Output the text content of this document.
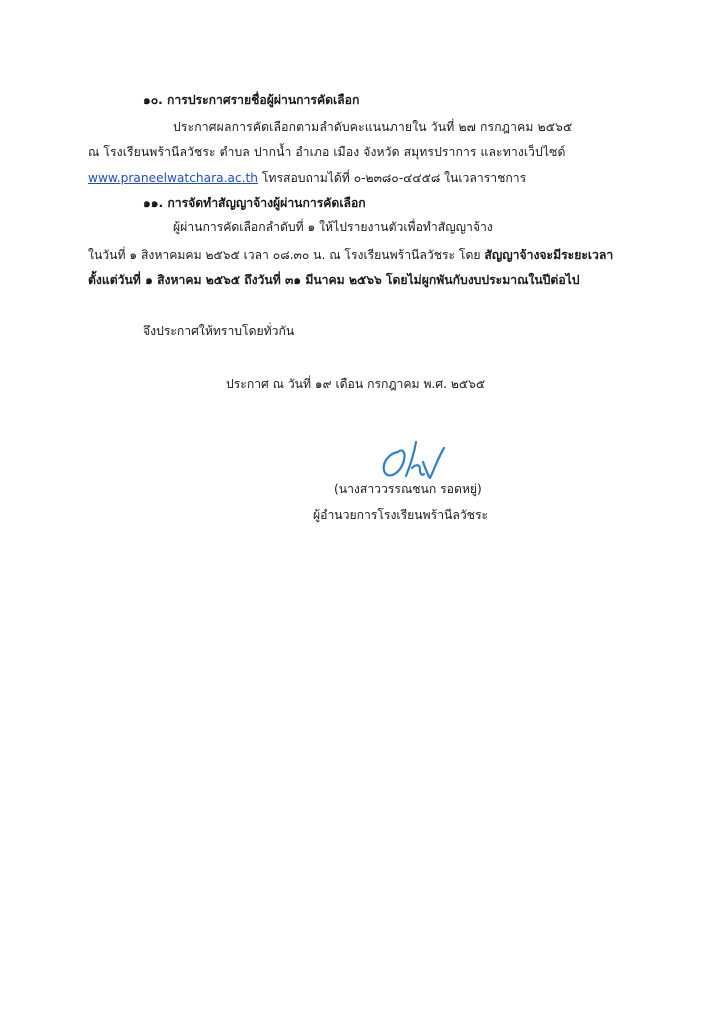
๑๐. การประกาศรายชื่อผู้ผ่านการคัดเลือก
ประกาศผลการคัดเลือกตามลำดับคะแนนภายใน วันที่ ๒๗ กรกฎาคม ๒๕๖๕
ณ โรงเรียนพร้านีลวัชระ ตำบล ปากน้ำ อำเภอ เมือง จังหวัด สมุทรปราการ และทางเว็ปไซด์
www.praneelwatchara.ac.th โทรสอบถามได้ที่ ๐-๒๓๘๐-๔๔๕๘ ในเวลาราชการ
๑๑. การจัดทำสัญญาจ้างผู้ผ่านการคัดเลือก
ผู้ผ่านการคัดเลือกลำดับที่ ๑ ให้ไปรายงานตัวเพื่อทำสัญญาจ้าง
ในวันที่ ๑ สิงหาคมคม ๒๕๖๕ เวลา ๐๘.๓๐ น. ณ โรงเรียนพร้านีลวัชระ โดย สัญญาจ้างจะมีระยะเวลา
ตั้งแต่วันที่ ๑ สิงหาคม ๒๕๖๕ ถึงวันที่ ๓๑ มีนาคม ๒๕๖๖ โดยไม่ผูกพันกับงบประมาณในปีต่อไป
จึงประกาศให้ทราบโดยทั่วกัน
ประกาศ ณ วันที่ ๑๙ เดือน กรกฎาคม พ.ศ. ๒๕๖๕
(นางสาววรรณชนก รอดหยู่)
ผู้อำนวยการโรงเรียนพร้านีลวัชระ
